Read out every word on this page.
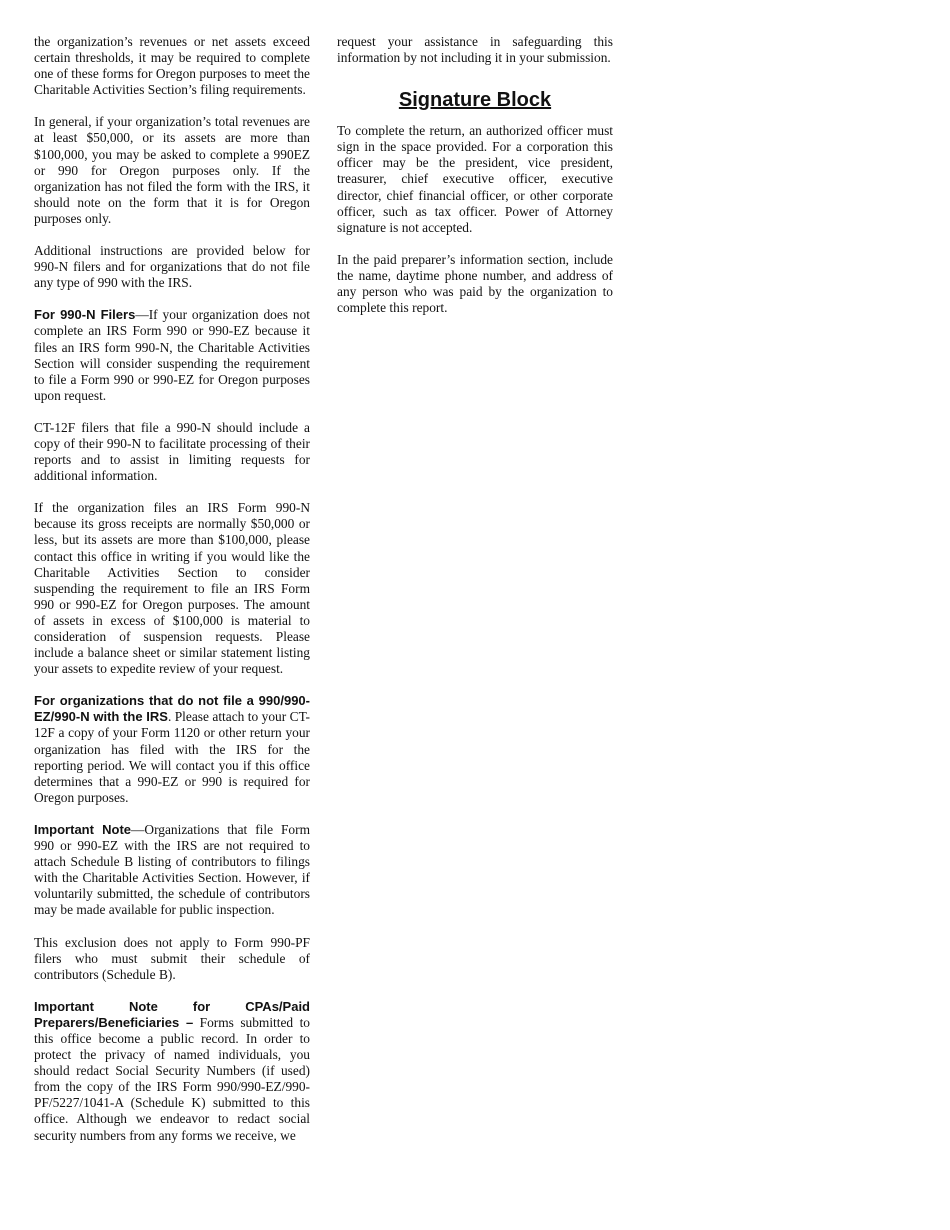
the organization’s revenues or net assets exceed certain thresholds, it may be required to complete one of these forms for Oregon purposes to meet the Charitable Activities Section’s filing requirements.

In general, if your organization’s total revenues are at least $50,000, or its assets are more than $100,000, you may be asked to complete a 990EZ or 990 for Oregon purposes only. If the organization has not filed the form with the IRS, it should note on the form that it is for Oregon purposes only.

Additional instructions are provided below for 990-N filers and for organizations that do not file any type of 990 with the IRS.

For 990-N Filers—If your organization does not complete an IRS Form 990 or 990-EZ because it files an IRS form 990-N, the Charitable Activities Section will consider suspending the requirement to file a Form 990 or 990-EZ for Oregon purposes upon request.

CT-12F filers that file a 990-N should include a copy of their 990-N to facilitate processing of their reports and to assist in limiting requests for additional information.

If the organization files an IRS Form 990-N because its gross receipts are normally $50,000 or less, but its assets are more than $100,000, please contact this office in writing if you would like the Charitable Activities Section to consider suspending the requirement to file an IRS Form 990 or 990-EZ for Oregon purposes. The amount of assets in excess of $100,000 is material to consideration of suspension requests. Please include a balance sheet or similar statement listing your assets to expedite review of your request.

For organizations that do not file a 990/990-EZ/990-N with the IRS. Please attach to your CT-12F a copy of your Form 1120 or other return your organization has filed with the IRS for the reporting period. We will contact you if this office determines that a 990-EZ or 990 is required for Oregon purposes.

Important Note—Organizations that file Form 990 or 990-EZ with the IRS are not required to attach Schedule B listing of contributors to filings with the Charitable Activities Section. However, if voluntarily submitted, the schedule of contributors may be made available for public inspection.

This exclusion does not apply to Form 990-PF filers who must submit their schedule of contributors (Schedule B).

Important Note for CPAs/Paid Preparers/Beneficiaries – Forms submitted to this office become a public record. In order to protect the privacy of named individuals, you should redact Social Security Numbers (if used) from the copy of the IRS Form 990/990-EZ/990-PF/5227/1041-A (Schedule K) submitted to this office. Although we endeavor to redact social security numbers from any forms we receive, we

request your assistance in safeguarding this information by not including it in your submission.

Signature Block

To complete the return, an authorized officer must sign in the space provided. For a corporation this officer may be the president, vice president, treasurer, chief executive officer, executive director, chief financial officer, or other corporate officer, such as tax officer. Power of Attorney signature is not accepted.

In the paid preparer’s information section, include the name, daytime phone number, and address of any person who was paid by the organization to complete this report.
